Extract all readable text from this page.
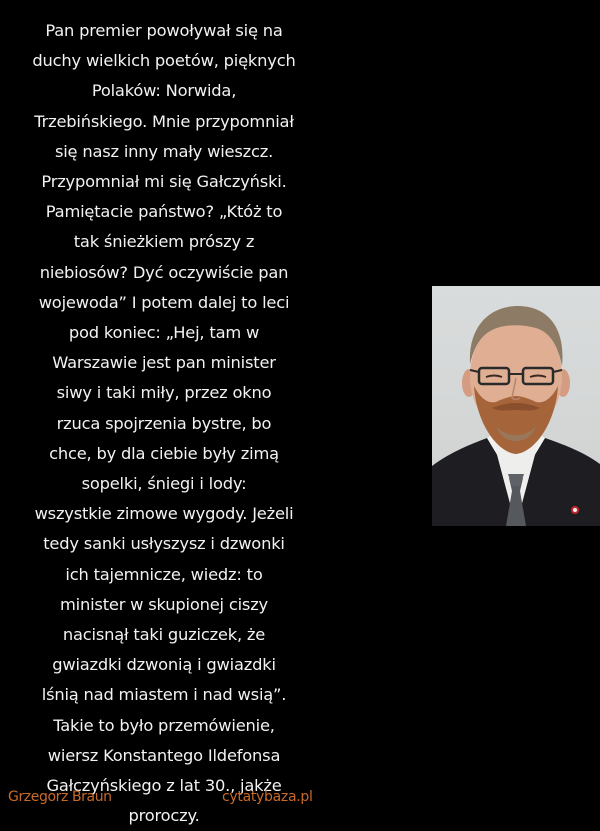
Pan premier powoływał się na
duchy wielkich poetów, pięknych
Polaków: Norwida,
Trzebińskiego. Mnie przypomniał
się nasz inny mały wieszcz.
Przypomniał mi się Gałczyński.
Pamiętacie państwo? „Któż to
tak śnieżkiem prószy z
niebiosów? Dyć oczywiście pan
wojewoda” I potem dalej to leci
pod koniec: „Hej, tam w
Warszawie jest pan minister
siwy i taki miły, przez okno
rzuca spojrzenia bystre, bo
chce, by dla ciebie były zimą
sopelki, śniegi i lody:
wszystkie zimowe wygody. Jeżeli
tedy sanki usłyszysz i dzwonki
ich tajemnicze, wiedz: to
minister w skupionej ciszy
nacisnął taki guziczek, że
gwiazdki dzwonią i gwiazdki
lśnią nad miastem i nad wsią”.
Takie to było przemówienie,
wiersz Konstantego Ildefonsa
Gałczyńskiego z lat 30., jakże
proroczy.
Grzegorz Braun	cytatybaza.pl
